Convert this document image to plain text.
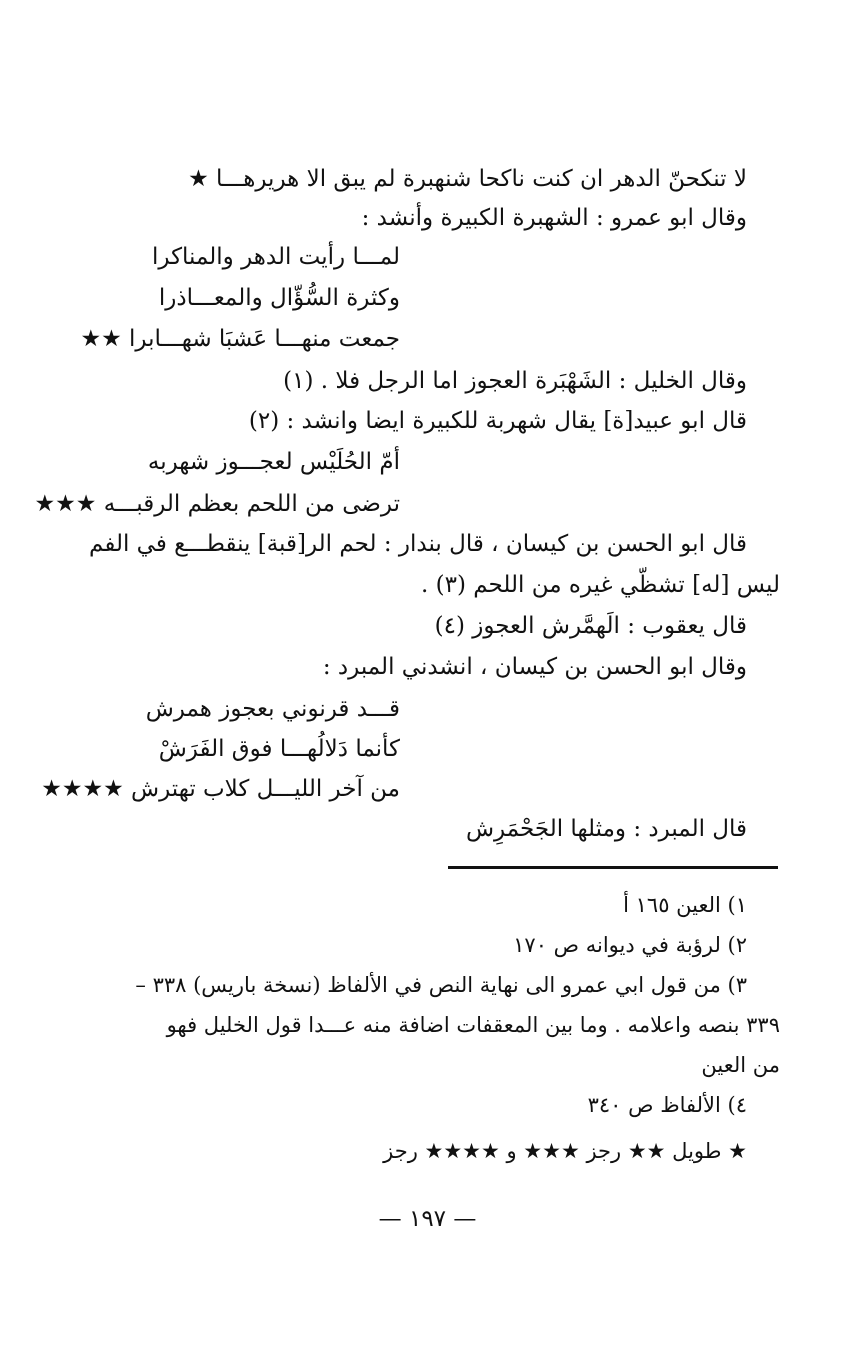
لا تنكحنّ الدهر ان كنت ناكحا شنهبرة لم يبق الا هريرهـــا ★
وقال ابو عمرو : الشهبرة الكبيرة وأنشد :
لمـــا رأيت الدهر والمناكرا
وكثرة السُّؤّال والمعـــاذرا
جمعت منهـــا عَشبَا شهـــابرا ★★
وقال الخليل : الشَهْبَرة العجوز اما الرجل فلا . (١)
قال ابو عبيد[ة] يقال شهربة للكبيرة ايضا وانشد : (٢)
أمّ الحُلَيْس لعجـــوز شهربه
ترضى من اللحم بعظم الرقبـــه ★★★
قال ابو الحسن بن كيسان ، قال بندار : لحم الر[قبة] ينقطـــع في الفم
ليس [له] تشظّي غيره من اللحم (٣) .
قال يعقوب : الَهمَّرش العجوز (٤)
وقال ابو الحسن بن كيسان ، انشدني المبرد :
قـــد قرنوني بعجوز همرش
كأنما دَلالُهـــا فوق الفَرَشْ
من آخر الليـــل كلاب تهترش ★★★★
قال المبرد : ومثلها الجَحْمَرِش
١) العين ١٦٥ أ
٢) لرؤبة في ديوانه ص ١٧٠
٣) من قول ابي عمرو الى نهاية النص في الألفاظ (نسخة باريس) ٣٣٨ –
٣٣٩ بنصه واعلامه . وما بين المعقفات اضافة منه عـــدا قول الخليل فهو
من العين
٤) الألفاظ ص ٣٤٠
★ طويل ★★ رجز ★★★ و ★★★★ رجز
— ١٩٧ —
